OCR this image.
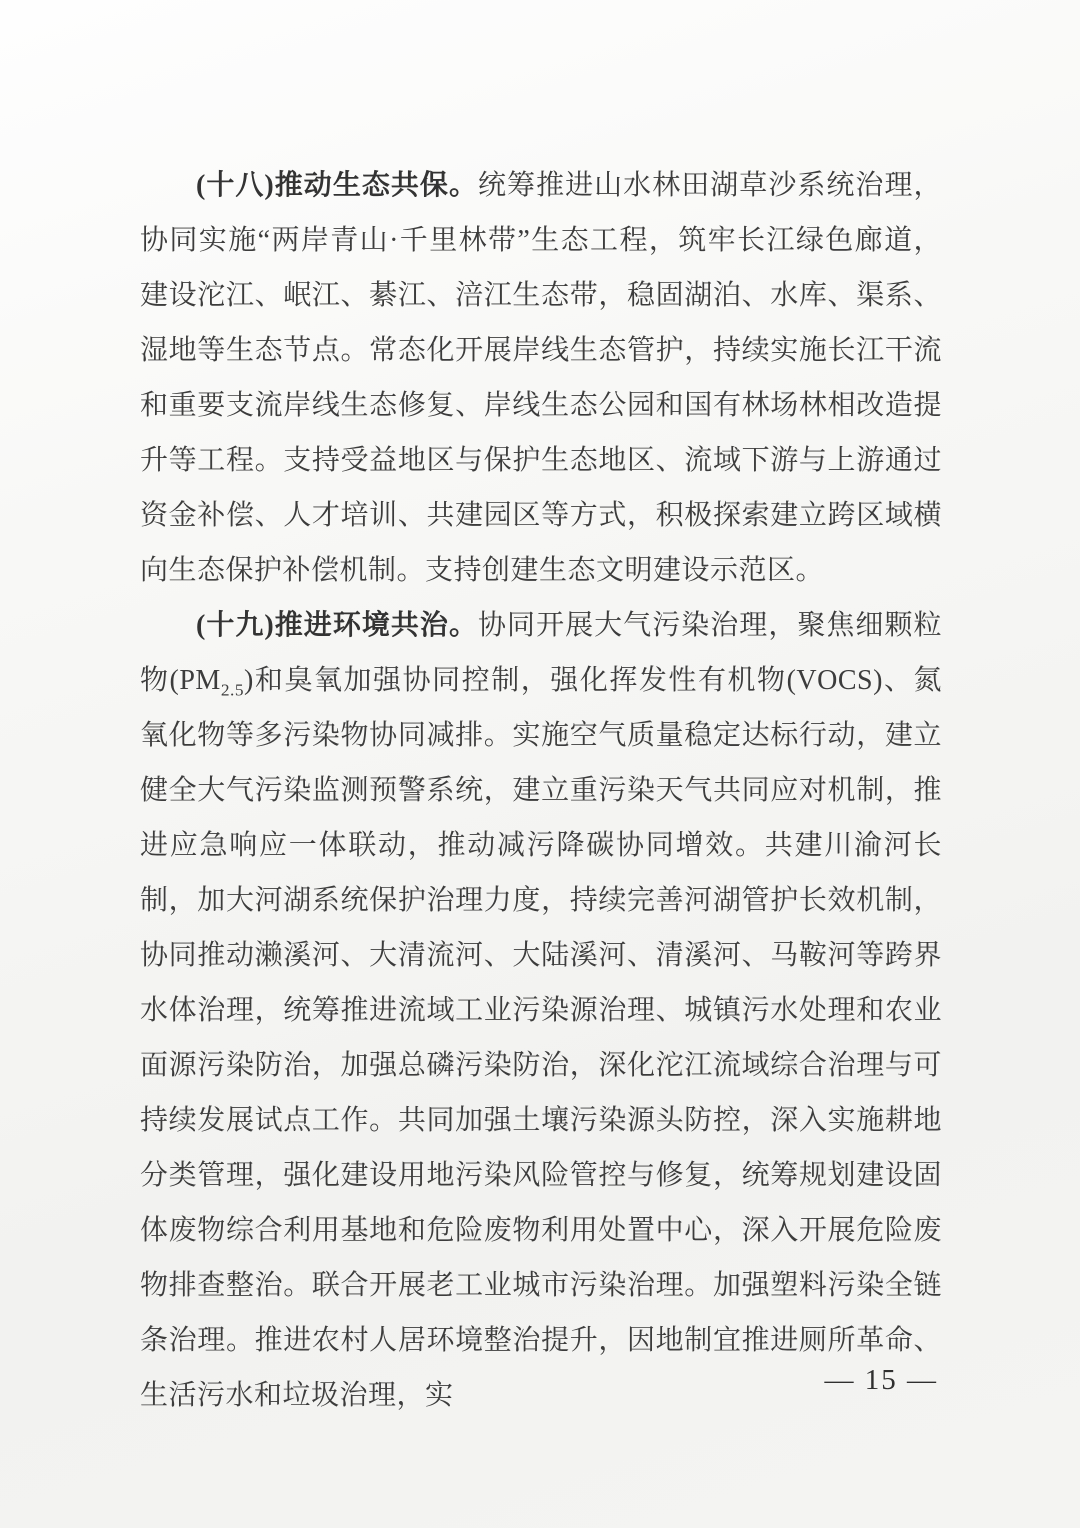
(十八)推动生态共保。统筹推进山水林田湖草沙系统治理，协同实施“两岸青山·千里林带”生态工程，筑牢长江绿色廊道，建设沱江、岷江、綦江、涪江生态带，稳固湖泊、水库、渠系、湿地等生态节点。常态化开展岸线生态管护，持续实施长江干流和重要支流岸线生态修复、岸线生态公园和国有林场林相改造提升等工程。支持受益地区与保护生态地区、流域下游与上游通过资金补偿、人才培训、共建园区等方式，积极探索建立跨区域横向生态保护补偿机制。支持创建生态文明建设示范区。

(十九)推进环境共治。协同开展大气污染治理，聚焦细颗粒物$(PM_{2.5})$和臭氧加强协同控制，强化挥发性有机物(VOCS)、氮氧化物等多污染物协同减排。实施空气质量稳定达标行动，建立健全大气污染监测预警系统，建立重污染天气共同应对机制，推进应急响应一体联动，推动减污降碳协同增效。共建川渝河长制，加大河湖系统保护治理力度，持续完善河湖管护长效机制，协同推动濑溪河、大清流河、大陆溪河、清溪河、马鞍河等跨界水体治理，统筹推进流域工业污染源治理、城镇污水处理和农业面源污染防治，加强总磷污染防治，深化沱江流域综合治理与可持续发展试点工作。共同加强土壤污染源头防控，深入实施耕地分类管理，强化建设用地污染风险管控与修复，统筹规划建设固体废物综合利用基地和危险废物利用处置中心，深入开展危险废物排查整治。联合开展老工业城市污染治理。加强塑料污染全链条治理。推进农村人居环境整治提升，因地制宜推进厕所革命、生活污水和垃圾治理，实	— 15 —
